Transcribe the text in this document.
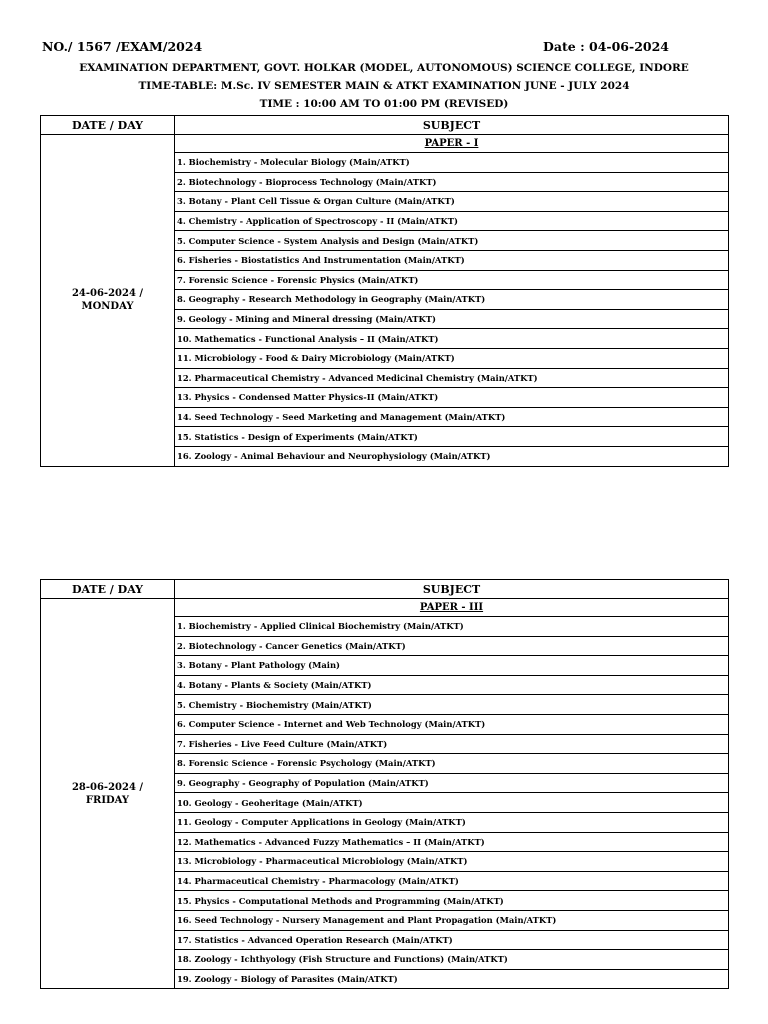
NO./ 1567 /EXAM/2024	Date : 04-06-2024
EXAMINATION DEPARTMENT, GOVT. HOLKAR (MODEL, AUTONOMOUS) SCIENCE COLLEGE, INDORE
TIME-TABLE: M.Sc. IV SEMESTER MAIN & ATKT EXAMINATION JUNE - JULY 2024
TIME : 10:00 AM TO 01:00 PM (REVISED)
DATE / DAY	SUBJECT

24-06-2024 /
MONDAY	PAPER - I
	1. Biochemistry - Molecular Biology (Main/ATKT)
	2. Biotechnology - Bioprocess Technology (Main/ATKT)
	3. Botany - Plant Cell Tissue & Organ Culture (Main/ATKT)
	4. Chemistry - Application of Spectroscopy - II (Main/ATKT)
	5. Computer Science - System Analysis and Design (Main/ATKT)
	6. Fisheries - Biostatistics And Instrumentation (Main/ATKT)
	7. Forensic Science - Forensic Physics (Main/ATKT)
	8. Geography - Research Methodology in Geography (Main/ATKT)
	9. Geology - Mining and Mineral dressing (Main/ATKT)
	10. Mathematics - Functional Analysis – II (Main/ATKT)
	11. Microbiology - Food & Dairy Microbiology (Main/ATKT)
	12. Pharmaceutical Chemistry - Advanced Medicinal Chemistry (Main/ATKT)
	13. Physics - Condensed Matter Physics-II (Main/ATKT)
	14. Seed Technology - Seed Marketing and Management (Main/ATKT)
	15. Statistics - Design of Experiments (Main/ATKT)
	16. Zoology - Animal Behaviour and Neurophysiology (Main/ATKT)
DATE / DAY	SUBJECT

28-06-2024 /
FRIDAY	PAPER - III
	1. Biochemistry - Applied Clinical Biochemistry (Main/ATKT)
	2. Biotechnology - Cancer Genetics (Main/ATKT)
	3. Botany - Plant Pathology (Main)
	4. Botany - Plants & Society (Main/ATKT)
	5. Chemistry - Biochemistry (Main/ATKT)
	6. Computer Science - Internet and Web Technology (Main/ATKT)
	7. Fisheries - Live Feed Culture (Main/ATKT)
	8. Forensic Science - Forensic Psychology (Main/ATKT)
	9. Geography - Geography of Population (Main/ATKT)
	10. Geology - Geoheritage (Main/ATKT)
	11. Geology - Computer Applications in Geology (Main/ATKT)
	12. Mathematics - Advanced Fuzzy Mathematics – II (Main/ATKT)
	13. Microbiology - Pharmaceutical Microbiology (Main/ATKT)
	14. Pharmaceutical Chemistry - Pharmacology (Main/ATKT)
	15. Physics - Computational Methods and Programming (Main/ATKT)
	16. Seed Technology - Nursery Management and Plant Propagation (Main/ATKT)
	17. Statistics - Advanced Operation Research (Main/ATKT)
	18. Zoology - Ichthyology (Fish Structure and Functions) (Main/ATKT)
	19. Zoology - Biology of Parasites (Main/ATKT)
